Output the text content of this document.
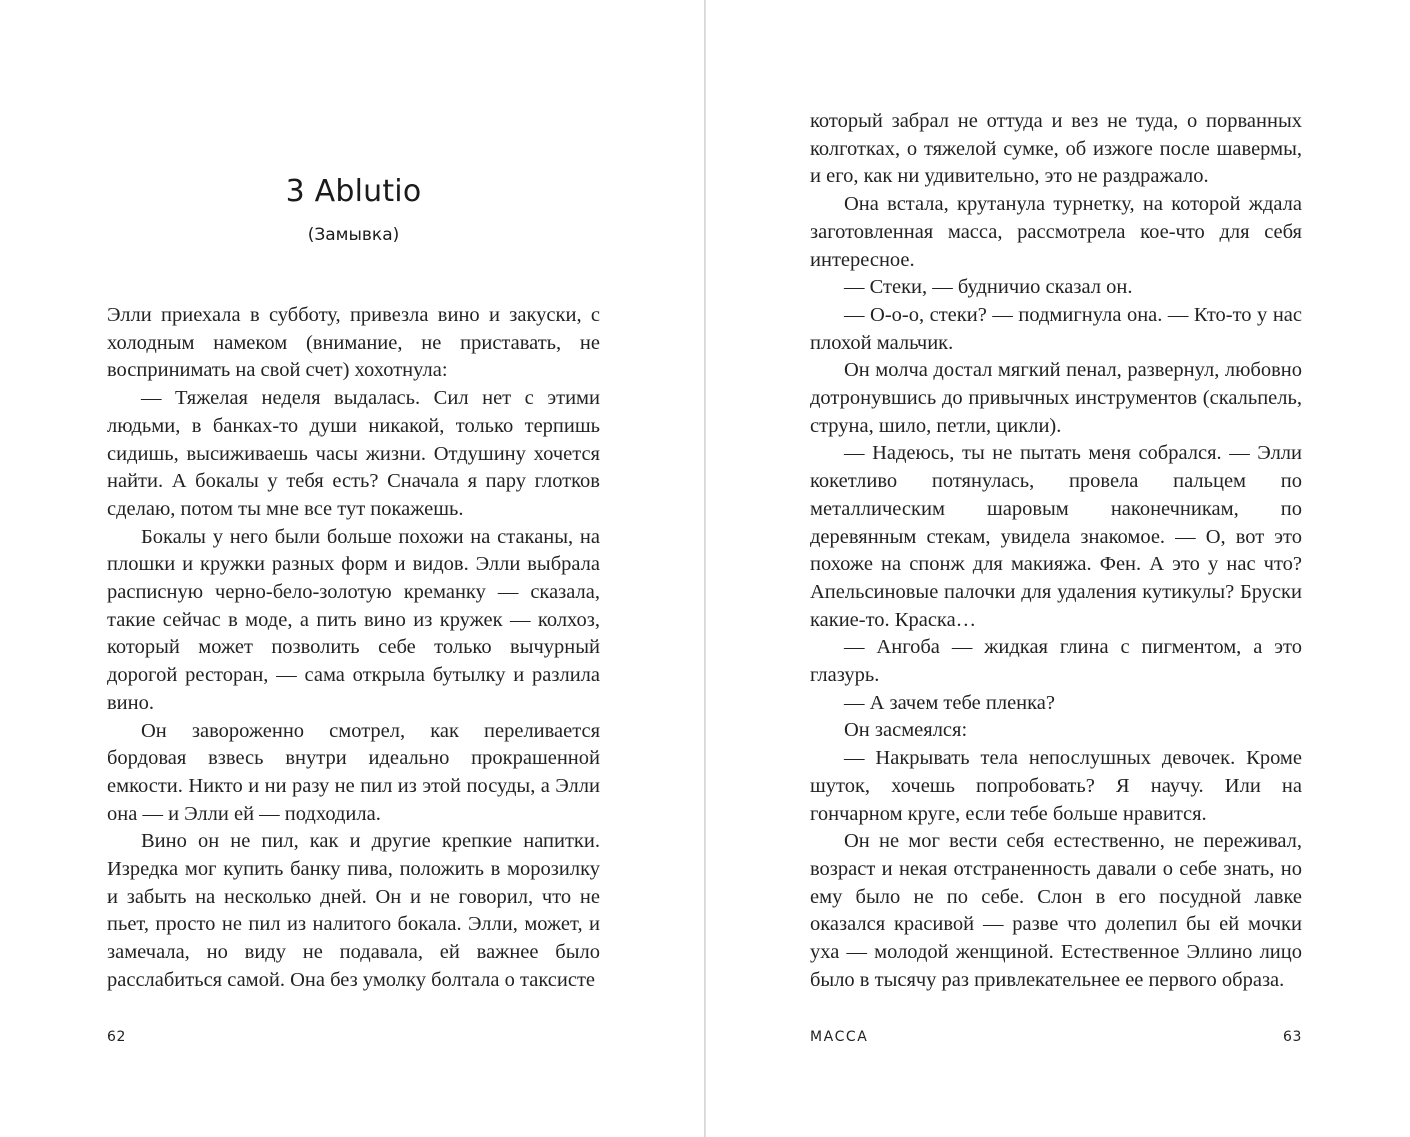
3 Ablutio
(Замывка)

Элли приехала в субботу, привезла вино и закуски, с холодным намеком (внимание, не приставать, не воспринимать на свой счет) хохотнула:

— Тяжелая неделя выдалась. Сил нет с этими людьми, в банках-то души никакой, только терпишь сидишь, высиживаешь часы жизни. Отдушину хочется найти. А бокалы у тебя есть? Сначала я пару глотков сделаю, потом ты мне все тут покажешь.

Бокалы у него были больше похожи на стаканы, на плошки и кружки разных форм и видов. Элли выбрала расписную черно-бело-золотую креманку — сказала, такие сейчас в моде, а пить вино из кружек — колхоз, который может позволить себе только вычурный дорогой ресторан, — сама открыла бутылку и разлила вино.

Он завороженно смотрел, как переливается бордовая взвесь внутри идеально прокрашенной емкости. Никто и ни разу не пил из этой посуды, а Элли она — и Элли ей — подходила.

Вино он не пил, как и другие крепкие напитки. Изредка мог купить банку пива, положить в морозилку и забыть на несколько дней. Он и не говорил, что не пьет, просто не пил из налитого бокала. Элли, может, и замечала, но виду не подавала, ей важнее было расслабиться самой. Она без умолку болтала о таксисте

62

который забрал не оттуда и вез не туда, о порванных колготках, о тяжелой сумке, об изжоге после шавермы, и его, как ни удивительно, это не раздражало.

Она встала, крутанула турнетку, на которой ждала заготовленная масса, рассмотрела кое-что для себя интересное.

— Стеки, — будничио сказал он.

— О-о-о, стеки? — подмигнула она. — Кто-то у нас плохой мальчик.

Он молча достал мягкий пенал, развернул, любовно дотронувшись до привычных инструментов (скальпель, струна, шило, петли, цикли).

— Надеюсь, ты не пытать меня собрался. — Элли кокетливо потянулась, провела пальцем по металлическим шаровым наконечникам, по деревянным стекам, увидела знакомое. — О, вот это похоже на спонж для макияжа. Фен. А это у нас что? Апельсиновые палочки для удаления кутикулы? Бруски какие-то. Краска…

— Ангоба — жидкая глина с пигментом, а это глазурь.

— А зачем тебе пленка?

Он засмеялся:

— Накрывать тела непослушных девочек. Кроме шуток, хочешь попробовать? Я научу. Или на гончарном круге, если тебе больше нравится.

Он не мог вести себя естественно, не переживал, возраст и некая отстраненность давали о себе знать, но ему было не по себе. Слон в его посудной лавке оказался красивой — разве что долепил бы ей мочки уха — молодой женщиной. Естественное Эллино лицо было в тысячу раз привлекательнее ее первого образа.

МАССА	63
